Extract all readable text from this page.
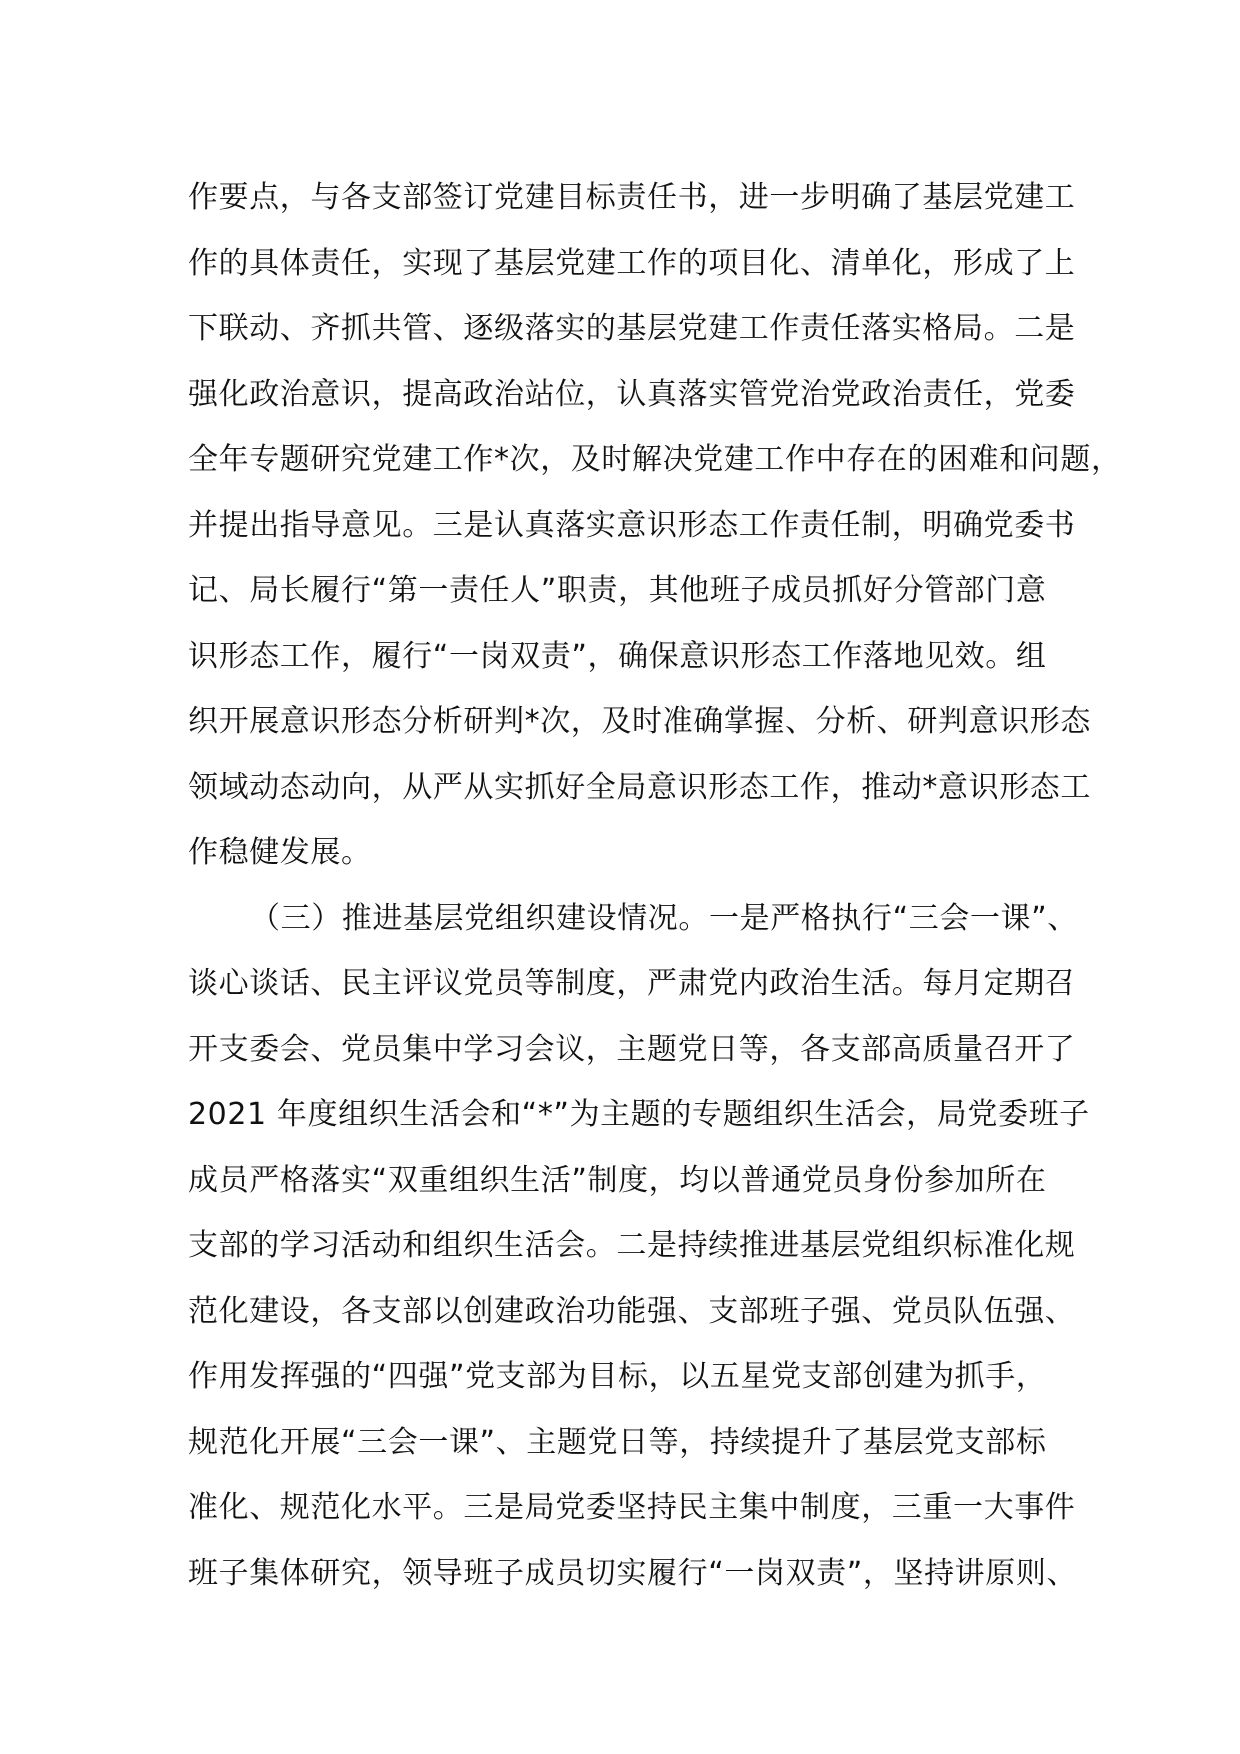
作要点，与各支部签订党建目标责任书，进一步明确了基层党建工
作的具体责任，实现了基层党建工作的项目化、清单化，形成了上
下联动、齐抓共管、逐级落实的基层党建工作责任落实格局。二是
强化政治意识，提高政治站位，认真落实管党治党政治责任，党委
全年专题研究党建工作*次，及时解决党建工作中存在的困难和问题，
并提出指导意见。三是认真落实意识形态工作责任制，明确党委书
记、局长履行“第一责任人”职责，其他班子成员抓好分管部门意
识形态工作，履行“一岗双责”，确保意识形态工作落地见效。组
织开展意识形态分析研判*次，及时准确掌握、分析、研判意识形态
领域动态动向，从严从实抓好全局意识形态工作，推动*意识形态工
作稳健发展。
（三）推进基层党组织建设情况。一是严格执行“三会一课”、
谈心谈话、民主评议党员等制度，严肃党内政治生活。每月定期召
开支委会、党员集中学习会议，主题党日等，各支部高质量召开了
2021 年度组织生活会和“*”为主题的专题组织生活会，局党委班子
成员严格落实“双重组织生活”制度，均以普通党员身份参加所在
支部的学习活动和组织生活会。二是持续推进基层党组织标准化规
范化建设，各支部以创建政治功能强、支部班子强、党员队伍强、
作用发挥强的“四强”党支部为目标，以五星党支部创建为抓手，
规范化开展“三会一课”、主题党日等，持续提升了基层党支部标
准化、规范化水平。三是局党委坚持民主集中制度，三重一大事件
班子集体研究，领导班子成员切实履行“一岗双责”，坚持讲原则、
